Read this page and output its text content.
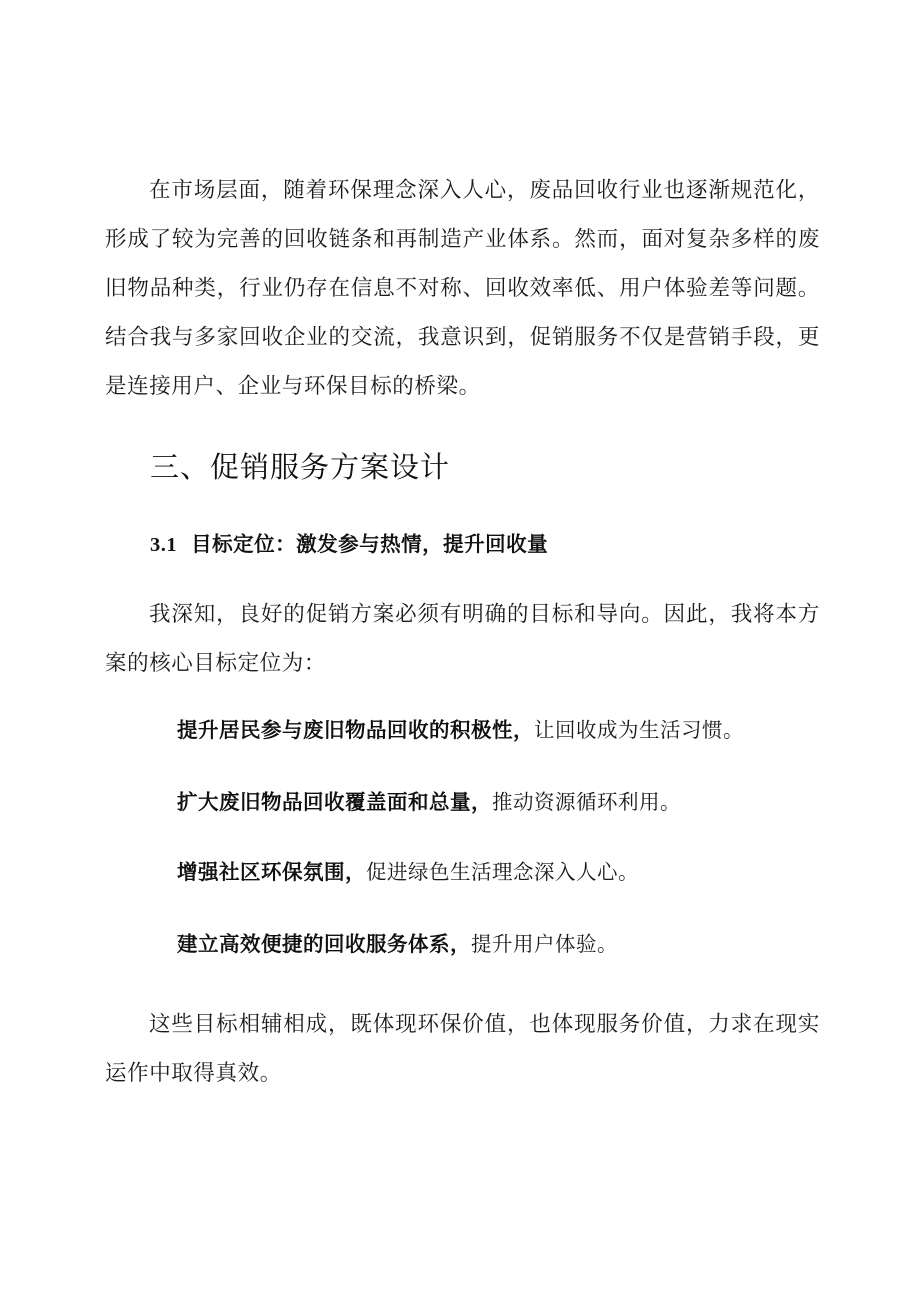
在市场层面，随着环保理念深入人心，废品回收行业也逐渐规范化，形成了较为完善的回收链条和再制造产业体系。然而，面对复杂多样的废旧物品种类，行业仍存在信息不对称、回收效率低、用户体验差等问题。结合我与多家回收企业的交流，我意识到，促销服务不仅是营销手段，更是连接用户、企业与环保目标的桥梁。

三、促销服务方案设计
3.1 目标定位：激发参与热情，提升回收量

我深知，良好的促销方案必须有明确的目标和导向。因此，我将本方案的核心目标定位为：

提升居民参与废旧物品回收的积极性，让回收成为生活习惯。

扩大废旧物品回收覆盖面和总量，推动资源循环利用。

增强社区环保氛围，促进绿色生活理念深入人心。

建立高效便捷的回收服务体系，提升用户体验。

这些目标相辅相成，既体现环保价值，也体现服务价值，力求在现实运作中取得真效。
